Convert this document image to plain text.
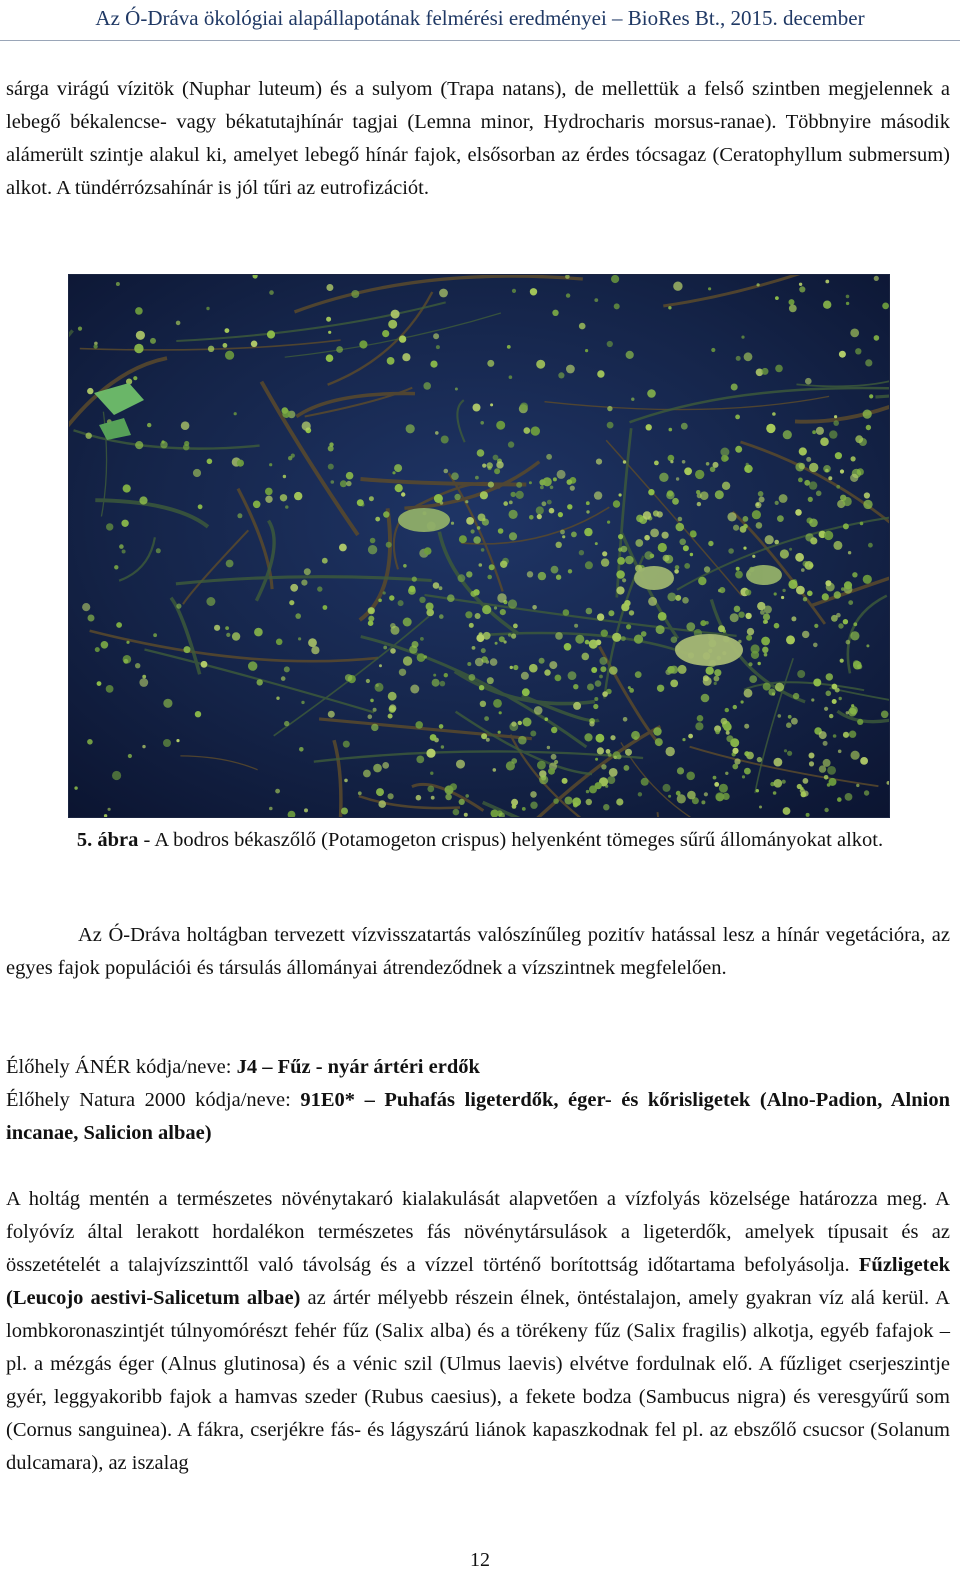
Az Ó-Dráva ökológiai alapállapotának felmérési eredményei – BioRes Bt., 2015. december

sárga virágú vízitök (Nuphar luteum) és a sulyom (Trapa natans), de mellettük a felső szintben megjelennek a lebegő békalencse- vagy békatutajhínár tagjai (Lemna minor, Hydrocharis morsus-ranae). Többnyire második alámerült szintje alakul ki, amelyet lebegő hínár fajok, elsősorban az érdes tócsagaz (Ceratophyllum submersum) alkot. A tündérrózsahínár is jól tűri az eutrofizációt.

5. ábra - A bodros békaszőlő (Potamogeton crispus) helyenként tömeges sűrű állományokat alkot.

Az Ó-Dráva holtágban tervezett vízvisszatartás valószínűleg pozitív hatással lesz a hínár vegetációra, az egyes fajok populációi és társulás állományai átrendeződnek a vízszintnek megfelelően.

Élőhely ÁNÉR kódja/neve: J4 – Fűz - nyár ártéri erdők

Élőhely Natura 2000 kódja/neve: 91E0* – Puhafás ligeterdők, éger- és kőrisligetek (Alno-Padion, Alnion incanae, Salicion albae)

A holtág mentén a természetes növénytakaró kialakulását alapvetően a vízfolyás közelsége határozza meg. A folyóvíz által lerakott hordalékon természetes fás növénytársulások a ligeterdők, amelyek típusait és az összetételét a talajvízszinttől való távolság és a vízzel történő borítottság időtartama befolyásolja. Fűzligetek (Leucojo aestivi-Salicetum albae) az ártér mélyebb részein élnek, öntéstalajon, amely gyakran víz alá kerül. A lombkoronaszintjét túlnyomórészt fehér fűz (Salix alba) és a törékeny fűz (Salix fragilis) alkotja, egyéb fafajok – pl. a mézgás éger (Alnus glutinosa) és a vénic szil (Ulmus laevis) elvétve fordulnak elő. A fűzliget cserjeszintje gyér, leggyakoribb fajok a hamvas szeder (Rubus caesius), a fekete bodza (Sambucus nigra) és veresgyűrű som (Cornus sanguinea). A fákra, cserjékre fás- és lágyszárú liánok kapaszkodnak fel pl. az ebszőlő csucsor (Solanum dulcamara), az iszalag

12
